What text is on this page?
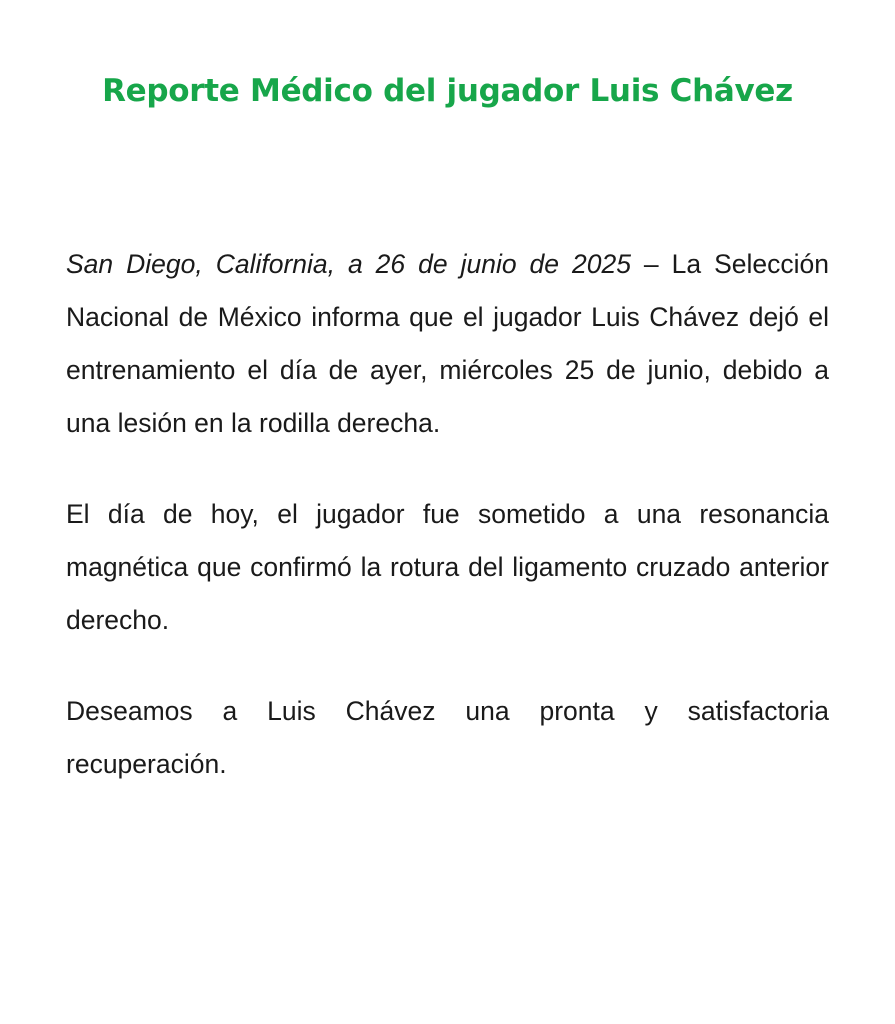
Reporte Médico del jugador Luis Chávez

San Diego, California, a 26 de junio de 2025 – La Selección Nacional de México informa que el jugador Luis Chávez dejó el entrenamiento el día de ayer, miércoles 25 de junio, debido a una lesión en la rodilla derecha.

El día de hoy, el jugador fue sometido a una resonancia magnética que confirmó la rotura del ligamento cruzado anterior derecho.

Deseamos a Luis Chávez una pronta y satisfactoria recuperación.
